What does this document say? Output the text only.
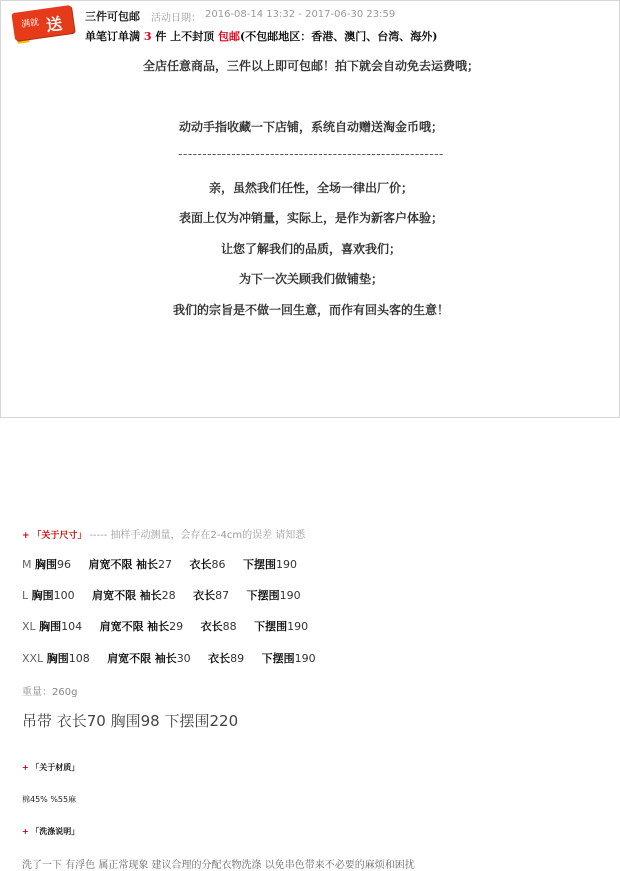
满就 送 三件可包邮 活动日期： 2016-08-14 13:32 - 2017-06-30 23:59
单笔订单满 3 件 上不封顶 包邮(不包邮地区：香港、澳门、台湾、海外)
全店任意商品，三件以上即可包邮！拍下就会自动免去运费哦；
动动手指收藏一下店铺，系统自动赠送淘金币哦；
-------------------------------------------------------
亲，虽然我们任性，全场一律出厂价；
表面上仅为冲销量，实际上，是作为新客户体验；
让您了解我们的品质，喜欢我们；
为下一次关顾我们做铺垫；
我们的宗旨是不做一回生意，而作有回头客的生意！
+ 「关于尺寸」 ----- 抽样手动测量，会存在2-4cm的误差 请知悉
M 胸围96 肩宽不限 袖长27 衣长86 下摆围190
L 胸围100 肩宽不限 袖长28 衣长87 下摆围190
XL 胸围104 肩宽不限 袖长29 衣长88 下摆围190
XXL 胸围108 肩宽不限 袖长30 衣长89 下摆围190
重量：260g
吊带 衣长70 胸围98 下摆围220
+ 「关于材质」
棉45% %55麻
+ 「洗涤说明」
洗了一下 有浮色 属正常现象 建议合理的分配衣物洗涤 以免串色带来不必要的麻烦和困扰
